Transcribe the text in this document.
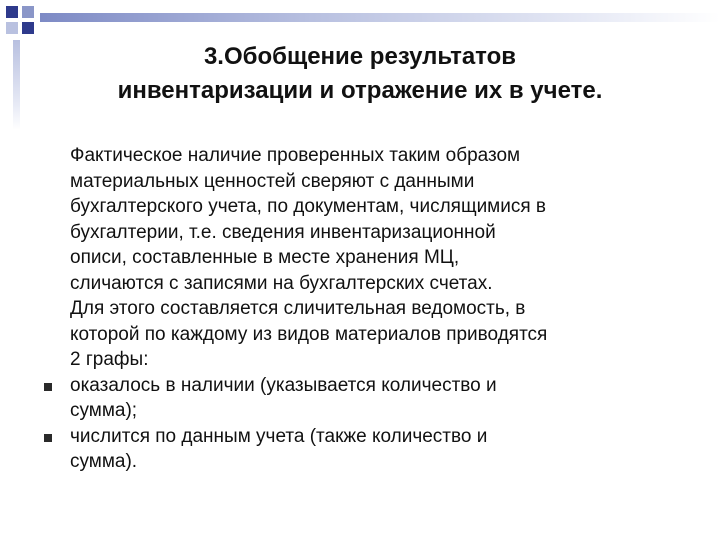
3.Обобщение результатов
инвентаризации и отражение их в учете.
Фактическое наличие проверенных таким образом
материальных ценностей сверяют с данными
бухгалтерского учета, по документам, числящимися в
бухгалтерии, т.е. сведения инвентаризационной
описи, составленные в месте хранения МЦ,
сличаются с записями на бухгалтерских счетах.
Для этого составляется сличительная ведомость, в
которой по каждому из видов материалов приводятся
2 графы:
оказалось в наличии (указывается количество и
сумма);
числится по данным учета (также количество и
сумма).
